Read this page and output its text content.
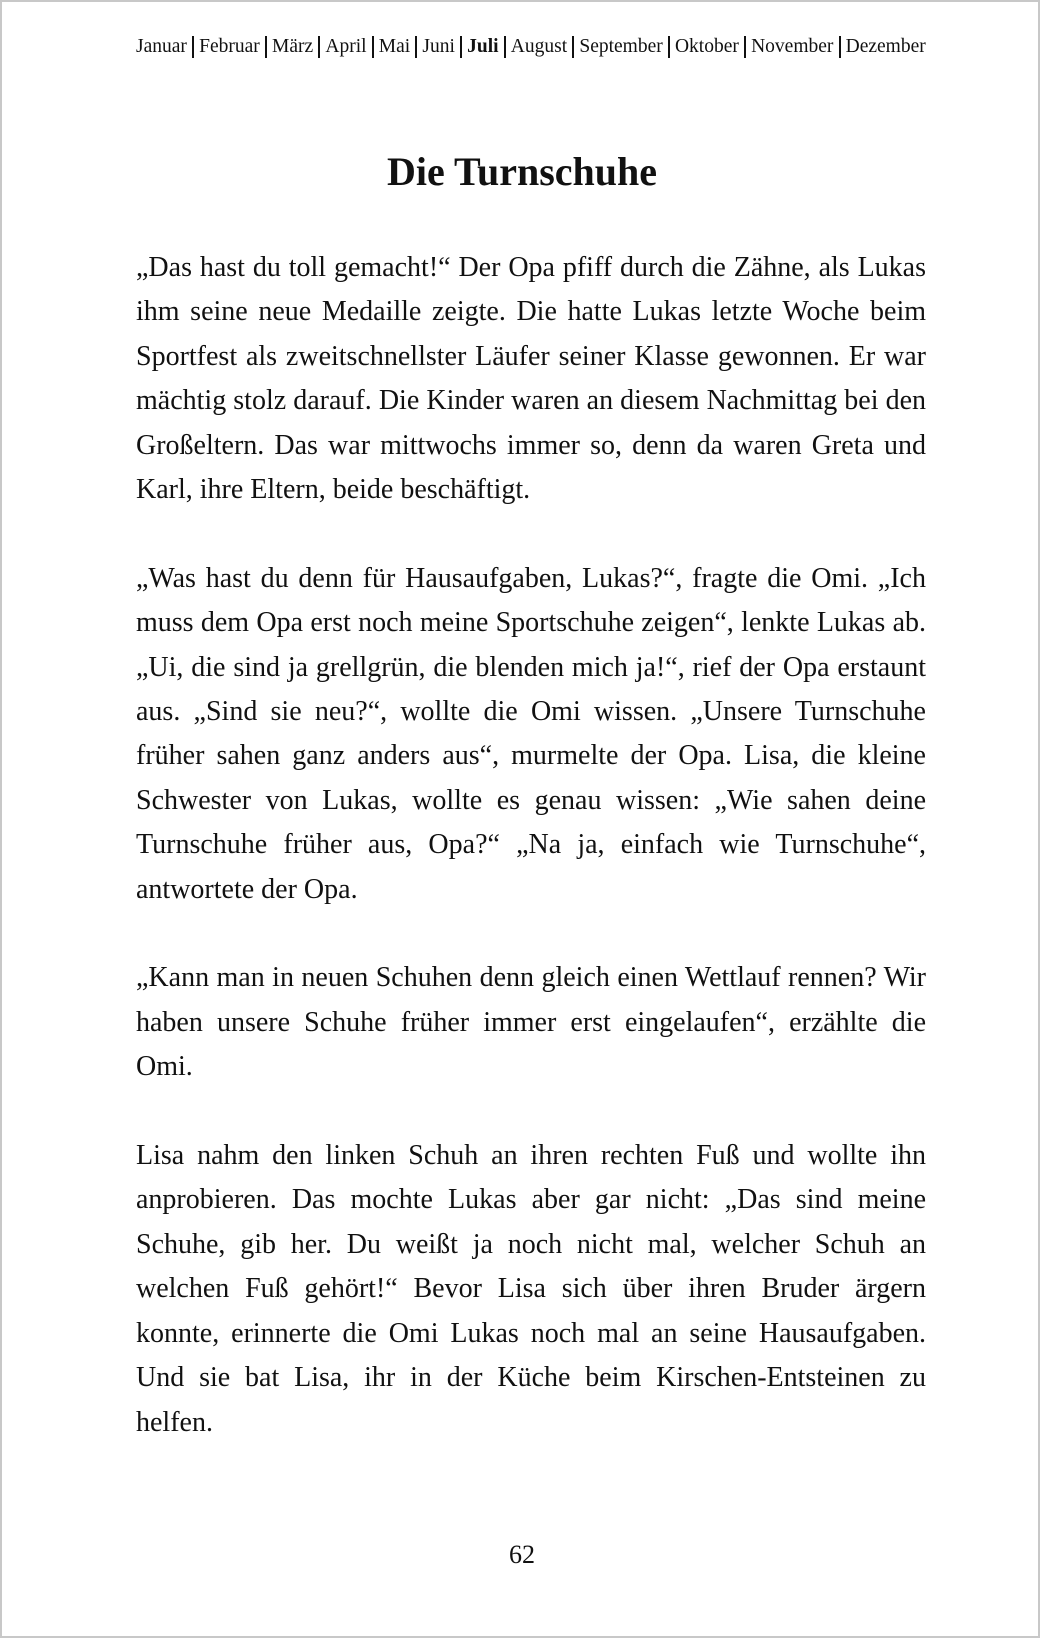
Januar Februar März April Mai Juni Juli August September Oktober November Dezember
Die Turnschuhe

„Das hast du toll gemacht!“ Der Opa pfiff durch die Zähne, als Lukas ihm seine neue Medaille zeigte. Die hatte Lukas letzte Woche beim Sportfest als zweitschnellster Läufer seiner Klasse gewonnen. Er war mächtig stolz darauf. Die Kinder waren an diesem Nachmittag bei den Großeltern. Das war mittwochs immer so, denn da waren Greta und Karl, ihre Eltern, beide beschäftigt.

„Was hast du denn für Hausaufgaben, Lukas?“, fragte die Omi. „Ich muss dem Opa erst noch meine Sportschuhe zeigen“, lenkte Lukas ab. „Ui, die sind ja grellgrün, die blenden mich ja!“, rief der Opa erstaunt aus. „Sind sie neu?“, wollte die Omi wissen. „Unsere Turnschuhe früher sahen ganz anders aus“, murmelte der Opa. Lisa, die kleine Schwester von Lukas, wollte es genau wissen: „Wie sahen deine Turnschuhe früher aus, Opa?“ „Na ja, einfach wie Turnschuhe“, antwortete der Opa.

„Kann man in neuen Schuhen denn gleich einen Wettlauf rennen? Wir haben unsere Schuhe früher immer erst eingelaufen“, erzählte die Omi.

Lisa nahm den linken Schuh an ihren rechten Fuß und wollte ihn anprobieren. Das mochte Lukas aber gar nicht: „Das sind meine Schuhe, gib her. Du weißt ja noch nicht mal, welcher Schuh an welchen Fuß gehört!“ Bevor Lisa sich über ihren Bruder ärgern konnte, erinnerte die Omi Lukas noch mal an seine Hausaufgaben. Und sie bat Lisa, ihr in der Küche beim Kirschen-Entsteinen zu helfen.

62
